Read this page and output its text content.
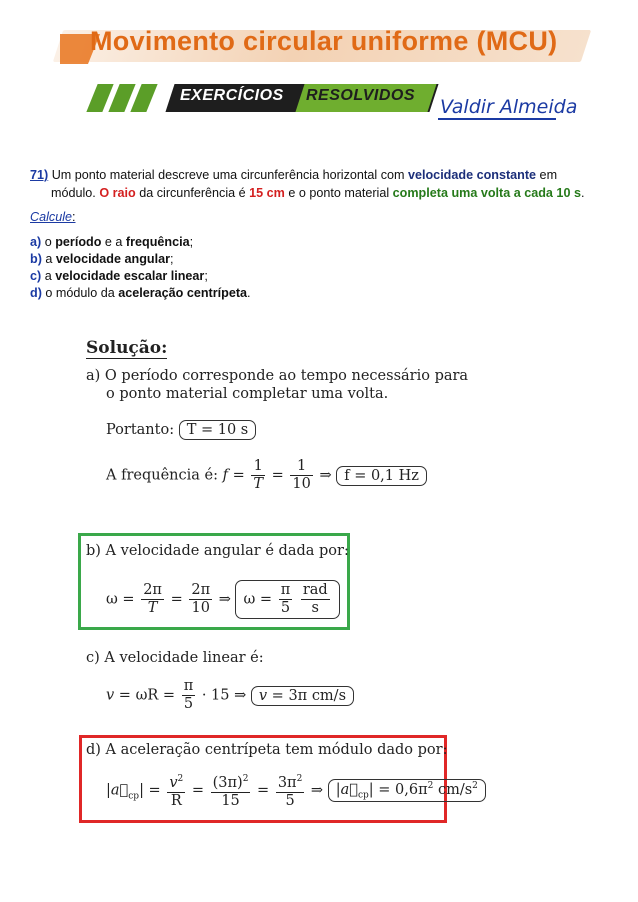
Movimento circular uniforme (MCU)
EXERCÍCIOS RESOLVIDOS
Valdir Almeida

71) Um ponto material descreve uma circunferência horizontal com velocidade constante em

módulo. O raio da circunferência é 15 cm e o ponto material completa uma volta a cada 10 s.

Calcule:
a) o período e a frequência;
b) a velocidade angular;
c) a velocidade escalar linear;
d) o módulo da aceleração centrípeta.
Solução:
a) O período corresponde ao tempo necessário para
o ponto material completar uma volta.
Portanto: T = 10 s
A frequência é: $f = \frac{1}{T} = \frac{1}{10}$ ⇒ f = 0,1 Hz
b) A velocidade angular é dada por:
$\omega = \frac{2\pi}{T} = \frac{2\pi}{10}$ ⇒ $\omega = \frac{\pi}{5}$
$\frac{\text{rad}}{s}$
c) A velocidade linear é:
$v = \omega R = \frac{\pi}{5} \cdot 15$ ⇒ v = 3π cm/s
d) A aceleração centrípeta tem módulo dado por:
$|a⃗_{cp}| = \frac{v^2}{R} = \frac{(3\pi)^2}{15} = \frac{3\pi^2}{5}$ ⇒ $|a⃗_{cp}| = 0,6\pi^2$ $cm/s^2$
